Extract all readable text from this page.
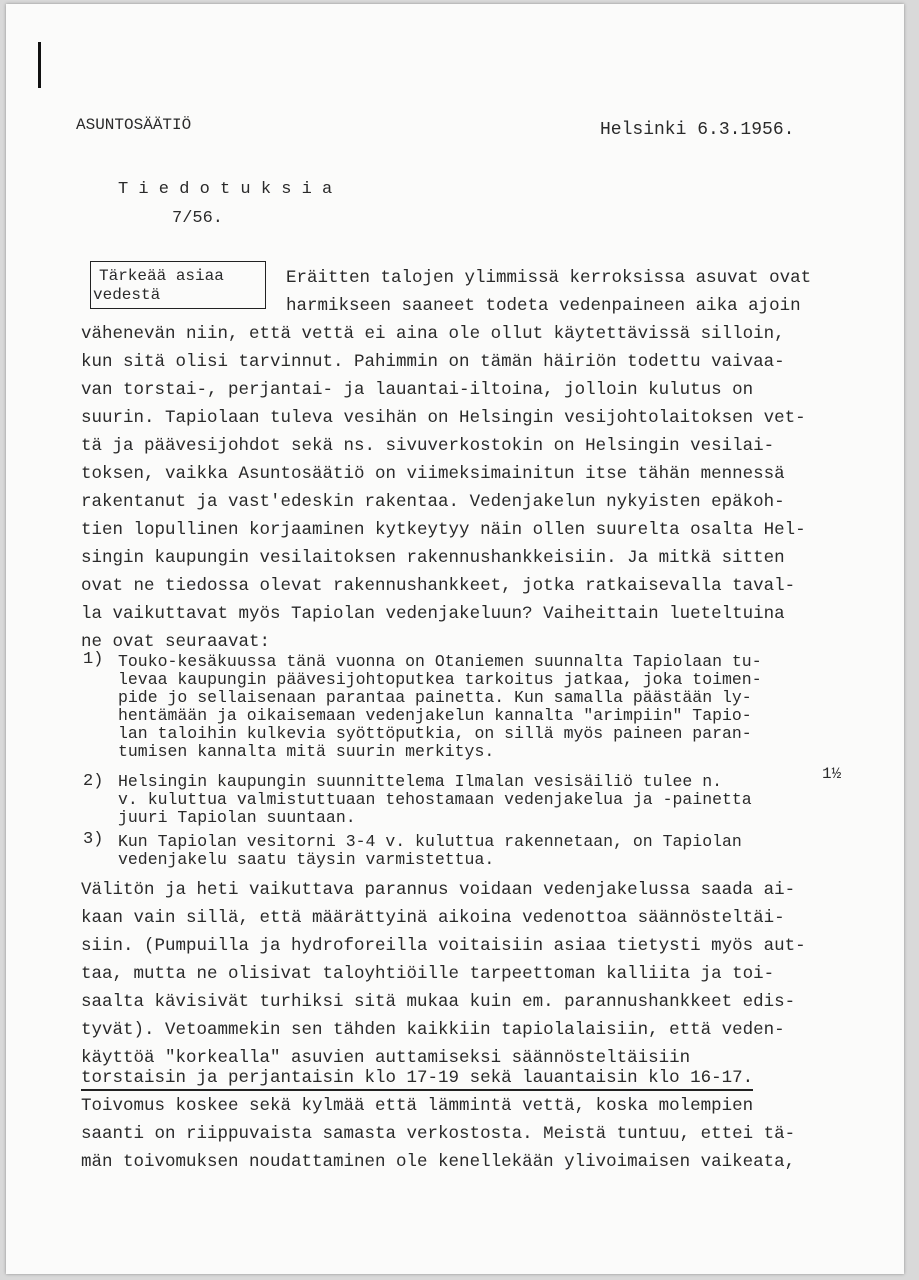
ASUNTOSÄÄTIÖ	Helsinki 6.3.1956.
T i e d o t u k s i a
7/56.
Tärkeää asiaa
vedestä
Eräitten talojen ylimmissä kerroksissa asuvat ovat
harmikseen saaneet todeta vedenpaineen aika ajoin
vähenevän niin, että vettä ei aina ole ollut käytettävissä silloin,
kun sitä olisi tarvinnut. Pahimmin on tämän häiriön todettu vaivaa-
van torstai-, perjantai- ja lauantai-iltoina, jolloin kulutus on
suurin. Tapiolaan tuleva vesihän on Helsingin vesijohtolaitoksen vet-
tä ja päävesijohdot sekä ns. sivuverkostokin on Helsingin vesilai-
toksen, vaikka Asuntosäätiö on viimeksimainitun itse tähän mennessä
rakentanut ja vast'edeskin rakentaa. Vedenjakelun nykyisten epäkoh-
tien lopullinen korjaaminen kytkeytyy näin ollen suurelta osalta Hel-
singin kaupungin vesilaitoksen rakennushankkeisiin. Ja mitkä sitten
ovat ne tiedossa olevat rakennushankkeet, jotka ratkaisevalla taval-
la vaikuttavat myös Tapiolan vedenjakeluun? Vaiheittain lueteltuina
ne ovat seuraavat:
1) Touko-kesäkuussa tänä vuonna on Otaniemen suunnalta Tapiolaan tu-
levaa kaupungin päävesijohtoputkea tarkoitus jatkaa, joka toimen-
pide jo sellaisenaan parantaa painetta. Kun samalla päästään ly-
hentämään ja oikaisemaan vedenjakelun kannalta "arimpiin" Tapio-
lan taloihin kulkevia syöttöputkia, on sillä myös paineen paran-
tumisen kannalta mitä suurin merkitys.
2) Helsingin kaupungin suunnittelema Ilmalan vesisäiliö tulee n.
v. kuluttua valmistuttuaan tehostamaan vedenjakelua ja -painetta
juuri Tapiolan suuntaan.
3) Kun Tapiolan vesitorni 3-4 v. kuluttua rakennetaan, on Tapiolan
vedenjakelu saatu täysin varmistettua.
1½
Välitön ja heti vaikuttava parannus voidaan vedenjakelussa saada ai-
kaan vain sillä, että määrättyinä aikoina vedenottoa säännösteltäi-
siin. (Pumpuilla ja hydroforeilla voitaisiin asiaa tietysti myös aut-
taa, mutta ne olisivat taloyhtiöille tarpeettoman kalliita ja toi-
saalta kävisivät turhiksi sitä mukaa kuin em. parannushankkeet edis-
tyvät). Vetoammekin sen tähden kaikkiin tapiolalaisiin, että veden-
käyttöä "korkealla" asuvien auttamiseksi säännösteltäisiin
torstaisin ja perjantaisin klo 17-19 sekä lauantaisin klo 16-17.
Toivomus koskee sekä kylmää että lämmintä vettä, koska molempien
saanti on riippuvaista samasta verkostosta. Meistä tuntuu, ettei tä-
män toivomuksen noudattaminen ole kenellekään ylivoimaisen vaikeata,
